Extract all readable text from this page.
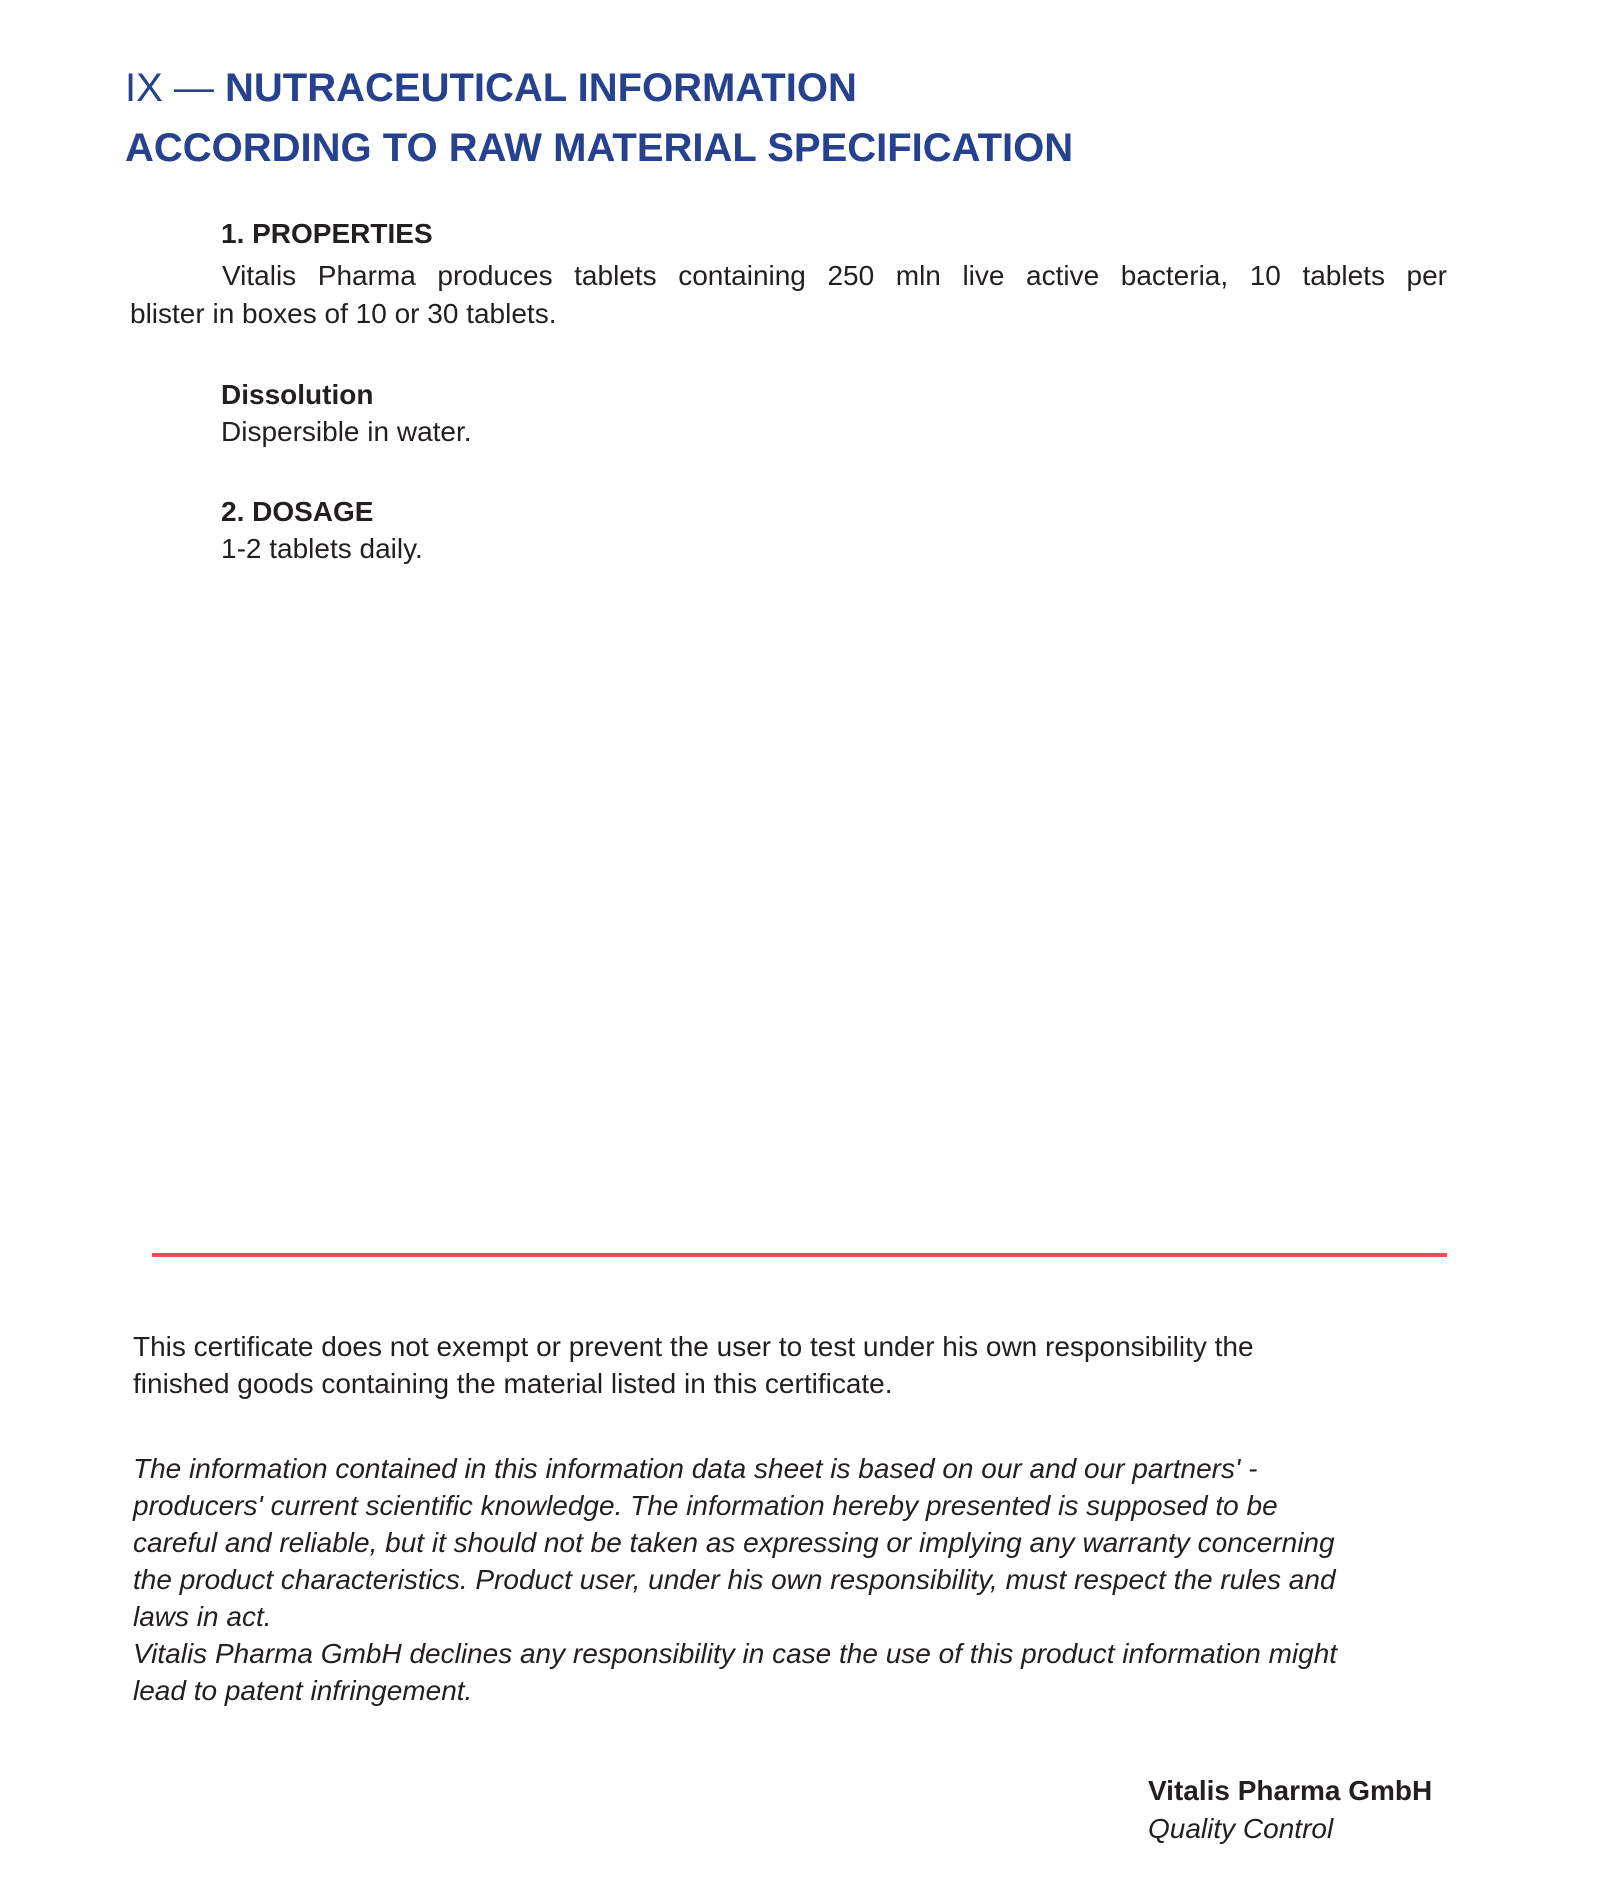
IX — NUTRACEUTICAL INFORMATION
ACCORDING TO RAW MATERIAL SPECIFICATION
1. PROPERTIES
Vitalis Pharma produces tablets containing 250 mln live active bacteria, 10 tablets per
blister in boxes of 10 or 30 tablets.
Dissolution
Dispersible in water.
2. DOSAGE
1-2 tablets daily.
This certificate does not exempt or prevent the user to test under his own responsibility the
finished goods containing the material listed in this certificate.
The information contained in this information data sheet is based on our and our partners' -
producers' current scientific knowledge. The information hereby presented is supposed to be
careful and reliable, but it should not be taken as expressing or implying any warranty concerning
the product characteristics. Product user, under his own responsibility, must respect the rules and
laws in act.
Vitalis Pharma GmbH declines any responsibility in case the use of this product information might
lead to patent infringement.
Vitalis Pharma GmbH
Quality Control
